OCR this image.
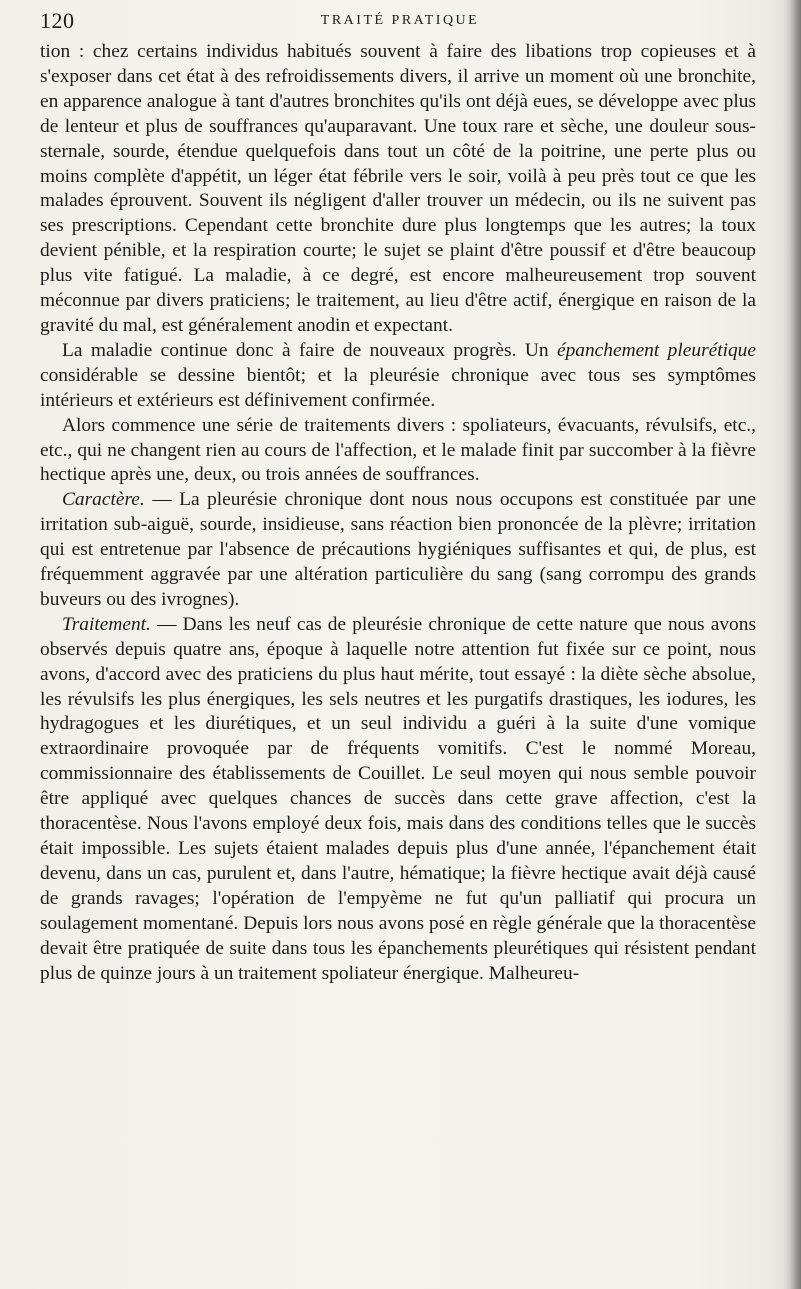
120	TRAITÉ PRATIQUE

tion : chez certains individus habitués souvent à faire des libations trop copieuses et à s'exposer dans cet état à des refroidissements divers, il arrive un moment où une bronchite, en apparence analogue à tant d'autres bronchites qu'ils ont déjà eues, se développe avec plus de lenteur et plus de souffrances qu'auparavant. Une toux rare et sèche, une douleur sous-sternale, sourde, étendue quelquefois dans tout un côté de la poitrine, une perte plus ou moins complète d'appétit, un léger état fébrile vers le soir, voilà à peu près tout ce que les malades éprouvent. Souvent ils négligent d'aller trouver un médecin, ou ils ne suivent pas ses prescriptions. Cependant cette bronchite dure plus longtemps que les autres; la toux devient pénible, et la respiration courte; le sujet se plaint d'être poussif et d'être beaucoup plus vite fatigué. La maladie, à ce degré, est encore malheureusement trop souvent méconnue par divers praticiens; le traitement, au lieu d'être actif, énergique en raison de la gravité du mal, est généralement anodin et expectant.

La maladie continue donc à faire de nouveaux progrès. Un épanchement pleurétique considérable se dessine bientôt; et la pleurésie chronique avec tous ses symptômes intérieurs et extérieurs est définivement confirmée.

Alors commence une série de traitements divers : spoliateurs, évacuants, révulsifs, etc., etc., qui ne changent rien au cours de l'affection, et le malade finit par succomber à la fièvre hectique après une, deux, ou trois années de souffrances.

Caractère. — La pleurésie chronique dont nous nous occupons est constituée par une irritation sub-aiguë, sourde, insidieuse, sans réaction bien prononcée de la plèvre; irritation qui est entretenue par l'absence de précautions hygiéniques suffisantes et qui, de plus, est fréquemment aggravée par une altération particulière du sang (sang corrompu des grands buveurs ou des ivrognes).

Traitement. — Dans les neuf cas de pleurésie chronique de cette nature que nous avons observés depuis quatre ans, époque à laquelle notre attention fut fixée sur ce point, nous avons, d'accord avec des praticiens du plus haut mérite, tout essayé : la diète sèche absolue, les révulsifs les plus énergiques, les sels neutres et les purgatifs drastiques, les iodures, les hydragogues et les diurétiques, et un seul individu a guéri à la suite d'une vomique extraordinaire provoquée par de fréquents vomitifs. C'est le nommé Moreau, commissionnaire des établissements de Couillet. Le seul moyen qui nous semble pouvoir être appliqué avec quelques chances de succès dans cette grave affection, c'est la thoracentèse. Nous l'avons employé deux fois, mais dans des conditions telles que le succès était impossible. Les sujets étaient malades depuis plus d'une année, l'épanchement était devenu, dans un cas, purulent et, dans l'autre, hématique; la fièvre hectique avait déjà causé de grands ravages; l'opération de l'empyème ne fut qu'un palliatif qui procura un soulagement momentané. Depuis lors nous avons posé en règle générale que la thoracentèse devait être pratiquée de suite dans tous les épanchements pleurétiques qui résistent pendant plus de quinze jours à un traitement spoliateur énergique. Malheureu-
